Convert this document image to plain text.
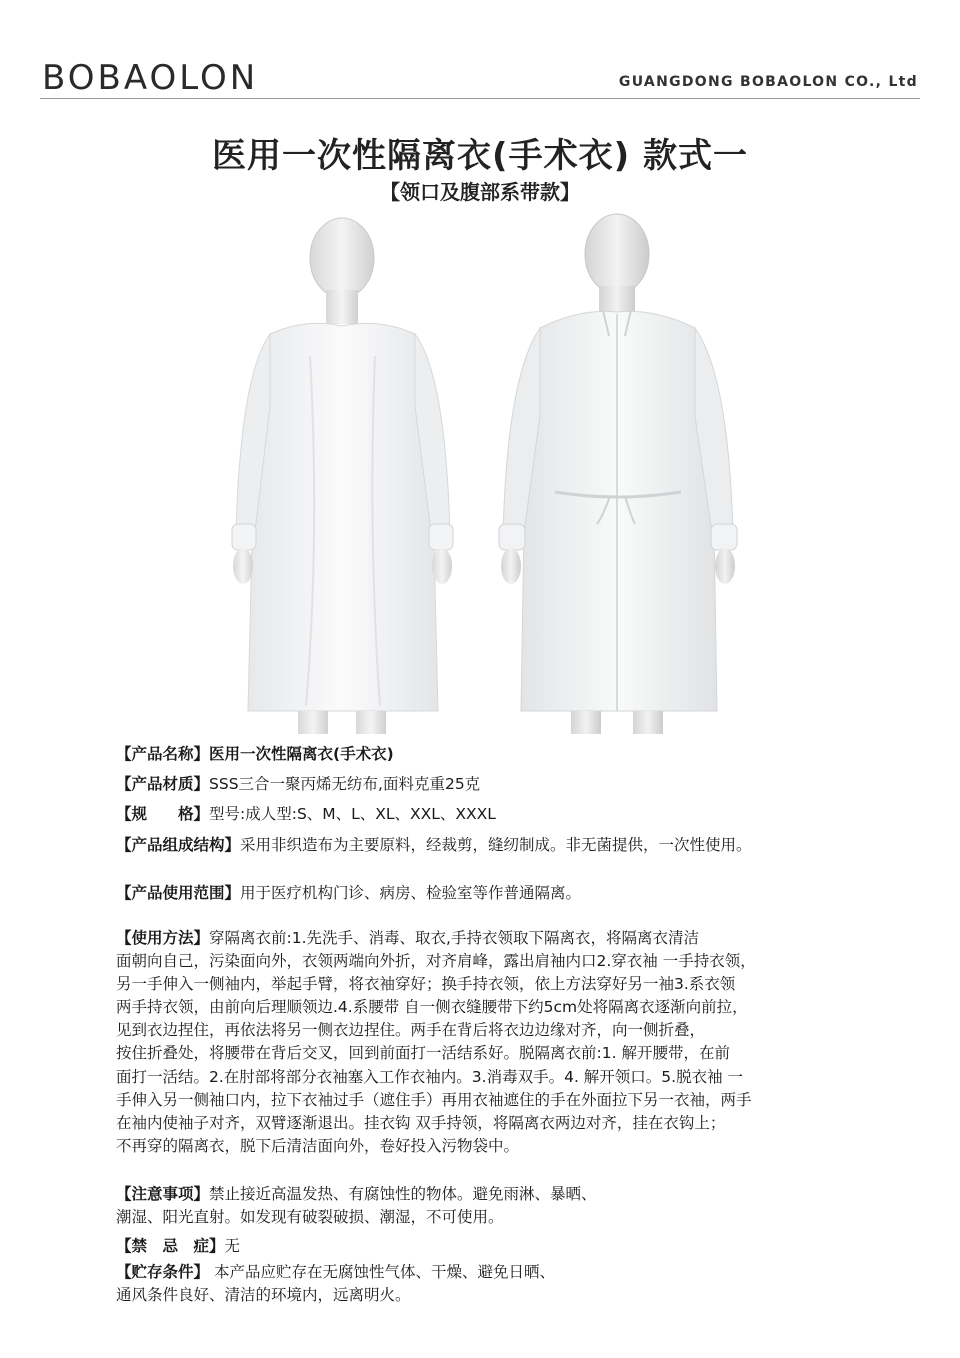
BOBAOLON	GUANGDONG BOBAOLON CO., Ltd
医用一次性隔离衣(手术衣) 款式一
【领口及腹部系带款】
【产品名称】医用一次性隔离衣(手术衣)
【产品材质】SSS三合一聚丙烯无纺布,面料克重25克
【规　　格】型号:成人型:S、M、L、XL、XXL、XXXL
【产品组成结构】采用非织造布为主要原料，经裁剪，缝纫制成。非无菌提供，一次性使用。
【产品使用范围】用于医疗机构门诊、病房、检验室等作普通隔离。
【使用方法】穿隔离衣前:1.先洗手、消毒、取衣,手持衣领取下隔离衣，将隔离衣清洁
面朝向自己，污染面向外，衣领两端向外折，对齐肩峰，露出肩袖内口2.穿衣袖 一手持衣领，
另一手伸入一侧袖内，举起手臂，将衣袖穿好；换手持衣领，依上方法穿好另一袖3.系衣领
两手持衣领，由前向后理顺领边.4.系腰带 自一侧衣缝腰带下约5cm处将隔离衣逐渐向前拉，
见到衣边捏住，再依法将另一侧衣边捏住。两手在背后将衣边边缘对齐，向一侧折叠，
按住折叠处，将腰带在背后交叉，回到前面打一活结系好。脱隔离衣前:1. 解开腰带，在前
面打一活结。2.在肘部将部分衣袖塞入工作衣袖内。3.消毒双手。4. 解开领口。5.脱衣袖 一
手伸入另一侧袖口内，拉下衣袖过手（遮住手）再用衣袖遮住的手在外面拉下另一衣袖，两手
在袖内使袖子对齐，双臂逐渐退出。挂衣钩 双手持领，将隔离衣两边对齐，挂在衣钩上；
不再穿的隔离衣，脱下后清洁面向外，卷好投入污物袋中。
【注意事项】禁止接近高温发热、有腐蚀性的物体。避免雨淋、暴晒、
潮湿、阳光直射。如发现有破裂破损、潮湿，不可使用。
【禁　忌　症】无
【贮存条件】 本产品应贮存在无腐蚀性气体、干燥、避免日晒、
通风条件良好、清洁的环境内，远离明火。
